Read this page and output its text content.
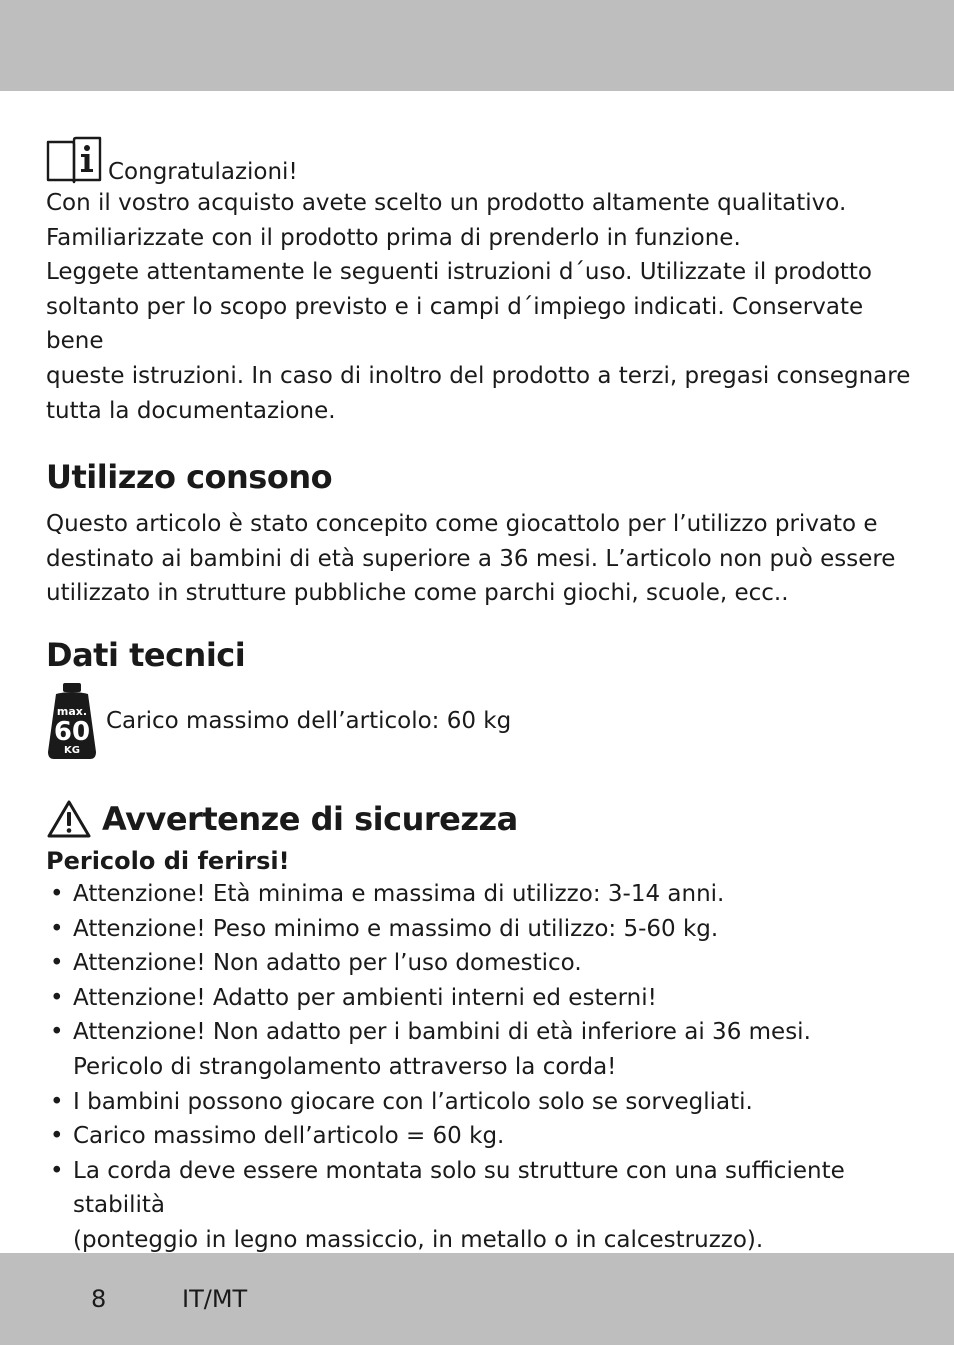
Congratulazioni!

Con il vostro acquisto avete scelto un prodotto altamente qualitativo.

Familiarizzate con il prodotto prima di prenderlo in funzione.

Leggete attentamente le seguenti istruzioni d´uso. Utilizzate il prodotto

soltanto per lo scopo previsto e i campi d´impiego indicati. Conservate bene

queste istruzioni. In caso di inoltro del prodotto a terzi, pregasi consegnare

tutta la documentazione.

Utilizzo consono

Questo articolo è stato concepito come giocattolo per l’utilizzo privato e

destinato ai bambini di età superiore a 36 mesi. L’articolo non può essere

utilizzato in strutture pubbliche come parchi giochi, scuole, ecc..

Dati tecnici
max.
60
KG
Carico massimo dell’articolo: 60 kg
Avvertenze di sicurezza
Pericolo di ferirsi!
• Attenzione! Età minima e massima di utilizzo: 3-14 anni.
• Attenzione! Peso minimo e massimo di utilizzo: 5-60 kg.
• Attenzione! Non adatto per l’uso domestico.
• Attenzione! Adatto per ambienti interni ed esterni!
• Attenzione! Non adatto per i bambini di età inferiore ai 36 mesi.
Pericolo di strangolamento attraverso la corda!
• I bambini possono giocare con l’articolo solo se sorvegliati.
• Carico massimo dell’articolo = 60 kg.
• La corda deve essere montata solo su strutture con una sufficiente stabilità
(ponteggio in legno massiccio, in metallo o in calcestruzzo).
8	IT/MT
